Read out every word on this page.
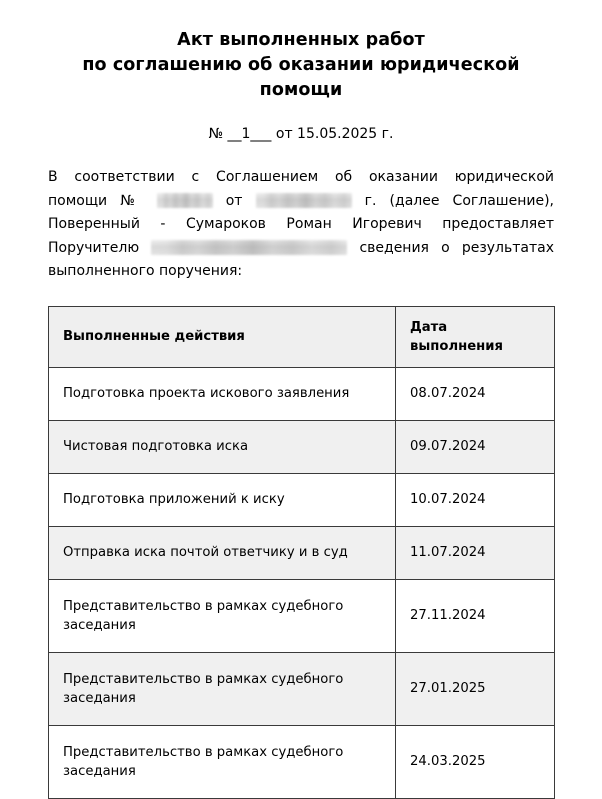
Акт выполненных работ
по соглашению об оказании юридической
помощи

№ __1___ от 15.05.2025 г.

В соответствии с Соглашением об оказании юридической
помощи №	от	г. (далее Соглашение),
Поверенный - Сумароков Роман Игоревич предоставляет
Поручителю	сведения о результатах
выполненного поручения:
Выполненные действия	Дата
выполнения
Подготовка проекта искового заявления	08.07.2024
Чистовая подготовка иска	09.07.2024
Подготовка приложений к иску	10.07.2024
Отправка иска почтой ответчику и в суд	11.07.2024
Представительство в рамках судебного заседания	27.11.2024
Представительство в рамках судебного заседания	27.01.2025
Представительство в рамках судебного заседания	24.03.2025
